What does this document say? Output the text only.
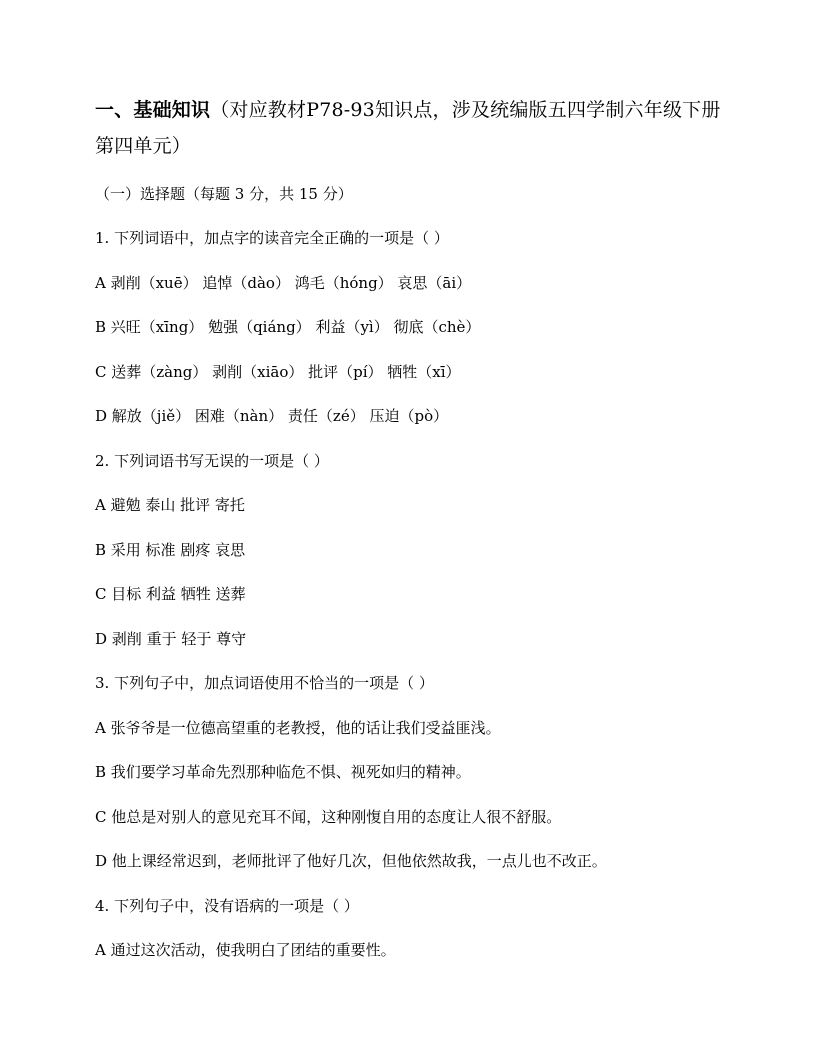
一、基础知识（对应教材P78-93知识点，涉及统编版五四学制六年级下册第四单元）

（一）选择题（每题 3 分，共 15 分）
1. 下列词语中，加点字的读音完全正确的一项是（ ）
A 剥削（xuē） 追悼（dào） 鸿毛（hóng） 哀思（āi）
B 兴旺（xīng） 勉强（qiáng） 利益（yì） 彻底（chè）
C 送葬（zàng） 剥削（xiāo） 批评（pí） 牺牲（xī）
D 解放（jiě） 困难（nàn） 责任（zé） 压迫（pò）
2. 下列词语书写无误的一项是（ ）
A 避勉 泰山 批评 寄托
B 采用 标准 剧疼 哀思
C 目标 利益 牺牲 送葬
D 剥削 重于 轻于 尊守
3. 下列句子中，加点词语使用不恰当的一项是（ ）
A 张爷爷是一位德高望重的老教授，他的话让我们受益匪浅。
B 我们要学习革命先烈那种临危不惧、视死如归的精神。
C 他总是对别人的意见充耳不闻，这种刚愎自用的态度让人很不舒服。
D 他上课经常迟到，老师批评了他好几次，但他依然故我，一点儿也不改正。
4. 下列句子中，没有语病的一项是（ ）
A 通过这次活动，使我明白了团结的重要性。
